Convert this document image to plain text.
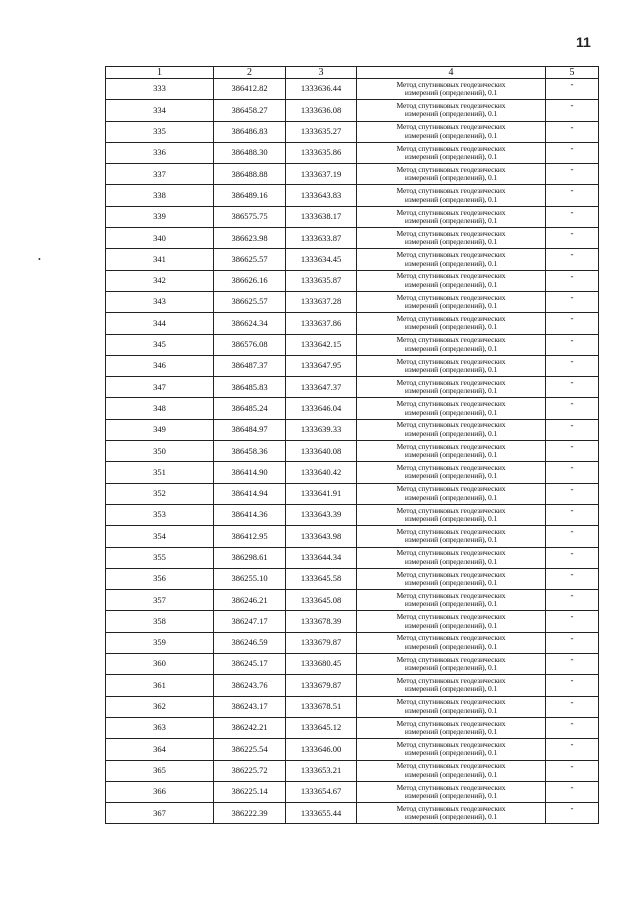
11
•
1	2	3	4	5
333	386412.82	1333636.44	Метод спутниковых геодезических
измерений (определений), 0.1	-
334	386458.27	1333636.08	Метод спутниковых геодезических
измерений (определений), 0.1	-
335	386486.83	1333635.27	Метод спутниковых геодезических
измерений (определений), 0.1	-
336	386488.30	1333635.86	Метод спутниковых геодезических
измерений (определений), 0.1	-
337	386488.88	1333637.19	Метод спутниковых геодезических
измерений (определений), 0.1	-
338	386489.16	1333643.83	Метод спутниковых геодезических
измерений (определений), 0.1	-
339	386575.75	1333638.17	Метод спутниковых геодезических
измерений (определений), 0.1	-
340	386623.98	1333633.87	Метод спутниковых геодезических
измерений (определений), 0.1	-
341	386625.57	1333634.45	Метод спутниковых геодезических
измерений (определений), 0.1	-
342	386626.16	1333635.87	Метод спутниковых геодезических
измерений (определений), 0.1	-
343	386625.57	1333637.28	Метод спутниковых геодезических
измерений (определений), 0.1	-
344	386624.34	1333637.86	Метод спутниковых геодезических
измерений (определений), 0.1	-
345	386576.08	1333642.15	Метод спутниковых геодезических
измерений (определений), 0.1	-
346	386487.37	1333647.95	Метод спутниковых геодезических
измерений (определений), 0.1	-
347	386485.83	1333647.37	Метод спутниковых геодезических
измерений (определений), 0.1	-
348	386485.24	1333646.04	Метод спутниковых геодезических
измерений (определений), 0.1	-
349	386484.97	1333639.33	Метод спутниковых геодезических
измерений (определений), 0.1	-
350	386458.36	1333640.08	Метод спутниковых геодезических
измерений (определений), 0.1	-
351	386414.90	1333640.42	Метод спутниковых геодезических
измерений (определений), 0.1	-
352	386414.94	1333641.91	Метод спутниковых геодезических
измерений (определений), 0.1	-
353	386414.36	1333643.39	Метод спутниковых геодезических
измерений (определений), 0.1	-
354	386412.95	1333643.98	Метод спутниковых геодезических
измерений (определений), 0.1	-
355	386298.61	1333644.34	Метод спутниковых геодезических
измерений (определений), 0.1	-
356	386255.10	1333645.58	Метод спутниковых геодезических
измерений (определений), 0.1	-
357	386246.21	1333645.08	Метод спутниковых геодезических
измерений (определений), 0.1	-
358	386247.17	1333678.39	Метод спутниковых геодезических
измерений (определений), 0.1	-
359	386246.59	1333679.87	Метод спутниковых геодезических
измерений (определений), 0.1	-
360	386245.17	1333680.45	Метод спутниковых геодезических
измерений (определений), 0.1	-
361	386243.76	1333679.87	Метод спутниковых геодезических
измерений (определений), 0.1	-
362	386243.17	1333678.51	Метод спутниковых геодезических
измерений (определений), 0.1	-
363	386242.21	1333645.12	Метод спутниковых геодезических
измерений (определений), 0.1	-
364	386225.54	1333646.00	Метод спутниковых геодезических
измерений (определений), 0.1	-
365	386225.72	1333653.21	Метод спутниковых геодезических
измерений (определений), 0.1	-
366	386225.14	1333654.67	Метод спутниковых геодезических
измерений (определений), 0.1	-
367	386222.39	1333655.44	Метод спутниковых геодезических
измерений (определений), 0.1	-
